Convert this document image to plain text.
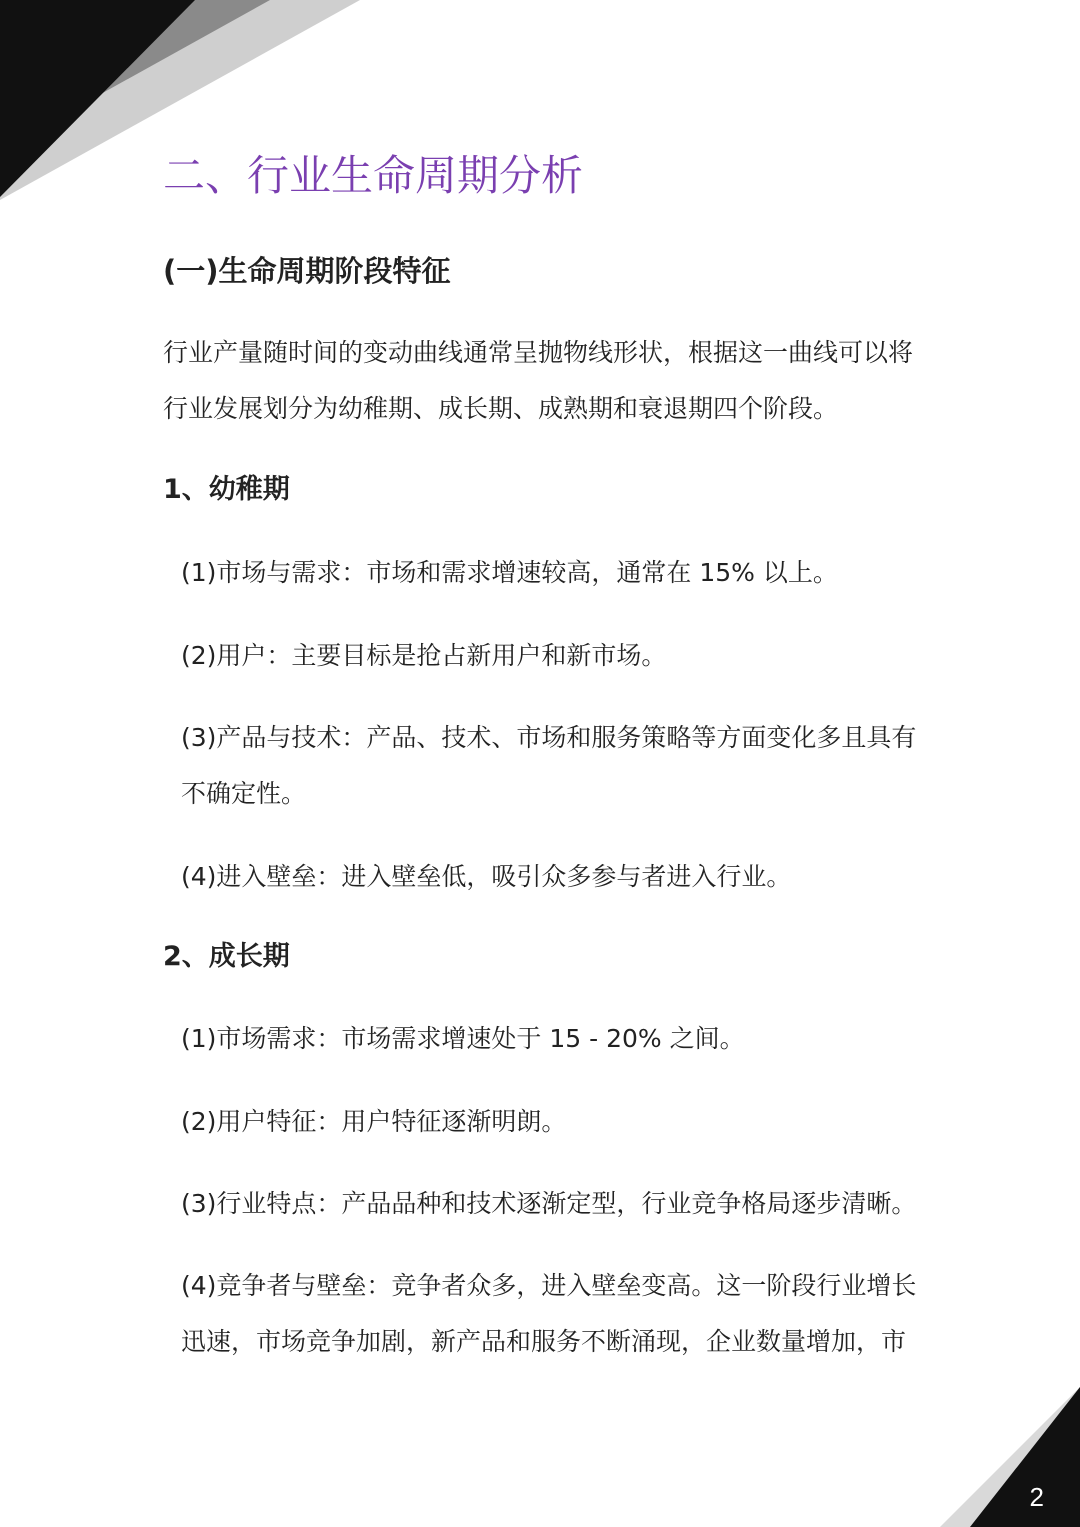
二、行业生命周期分析
(一)生命周期阶段特征
行业产量随时间的变动曲线通常呈抛物线形状，根据这一曲线可以将
行业发展划分为幼稚期、成长期、成熟期和衰退期四个阶段。
1、幼稚期

(1)市场与需求：市场和需求增速较高，通常在 15% 以上。

(2)用户：主要目标是抢占新用户和新市场。

(3)产品与技术：产品、技术、市场和服务策略等方面变化多且具有不确定性。

(4)进入壁垒：进入壁垒低，吸引众多参与者进入行业。

2、成长期

(1)市场需求：市场需求增速处于 15 - 20% 之间。

(2)用户特征：用户特征逐渐明朗。

(3)行业特点：产品品种和技术逐渐定型，行业竞争格局逐步清晰。

(4)竞争者与壁垒：竞争者众多，进入壁垒变高。这一阶段行业增长迅速，市场竞争加剧，新产品和服务不断涌现，企业数量增加，市

2
